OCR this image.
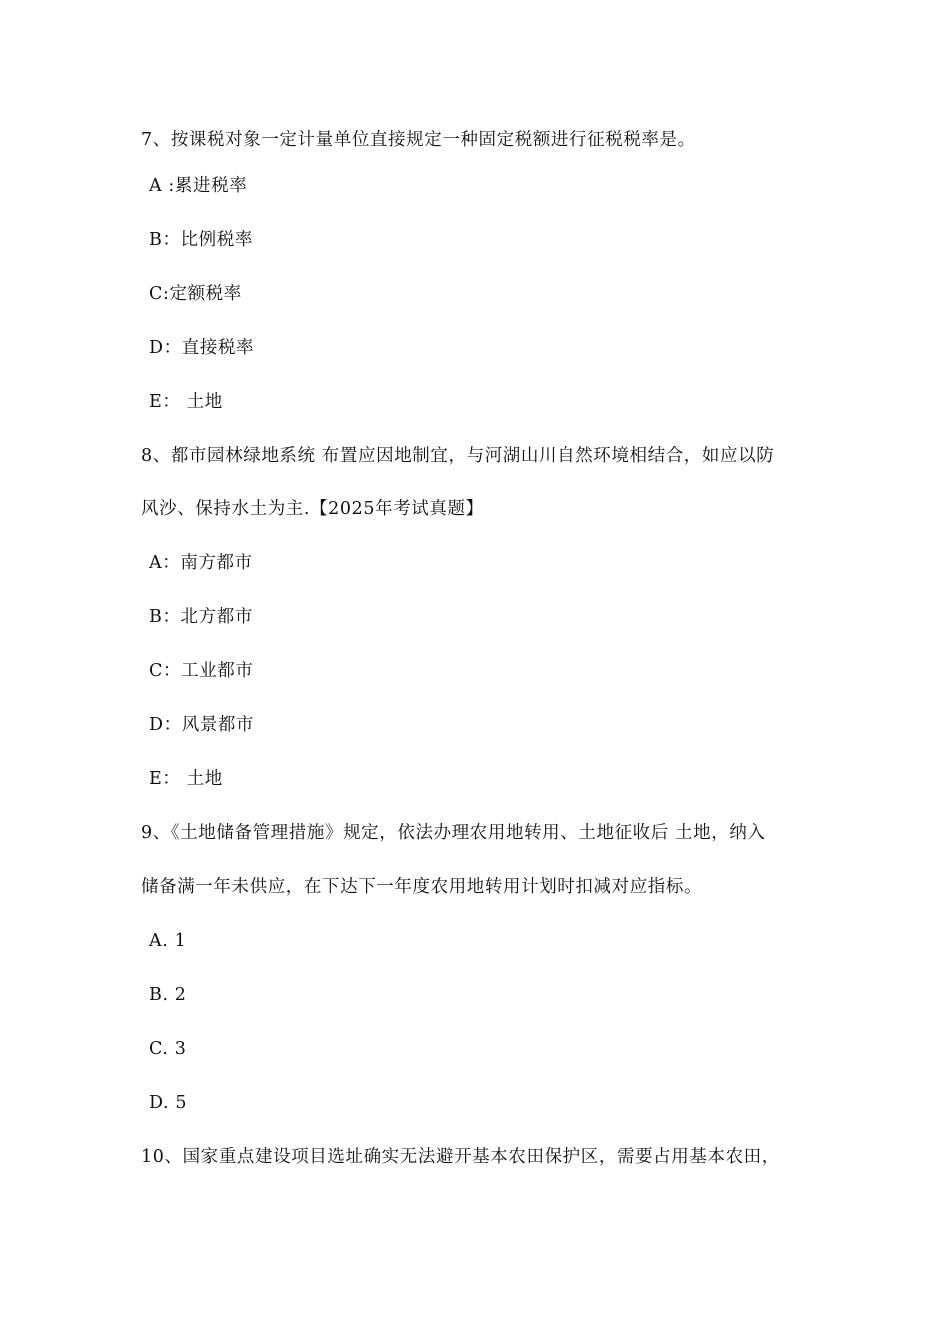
7、按课税对象一定计量单位直接规定一种固定税额进行征税税率是。
A :累进税率
B：比例税率
C:定额税率
D：直接税率
E： 土地
8、都市园林绿地系统 布置应因地制宜，与河湖山川自然环境相结合，如应以防
风沙、保持水土为主.【2025年考试真题】
A：南方都市
B：北方都市
C：工业都市
D：风景都市
E： 土地
9、《土地储备管理措施》规定，依法办理农用地转用、土地征收后 土地，纳入
储备满一年未供应，在下达下一年度农用地转用计划时扣减对应指标。
A. 1
B. 2
C. 3
D. 5
10、国家重点建设项目选址确实无法避开基本农田保护区，需要占用基本农田，
